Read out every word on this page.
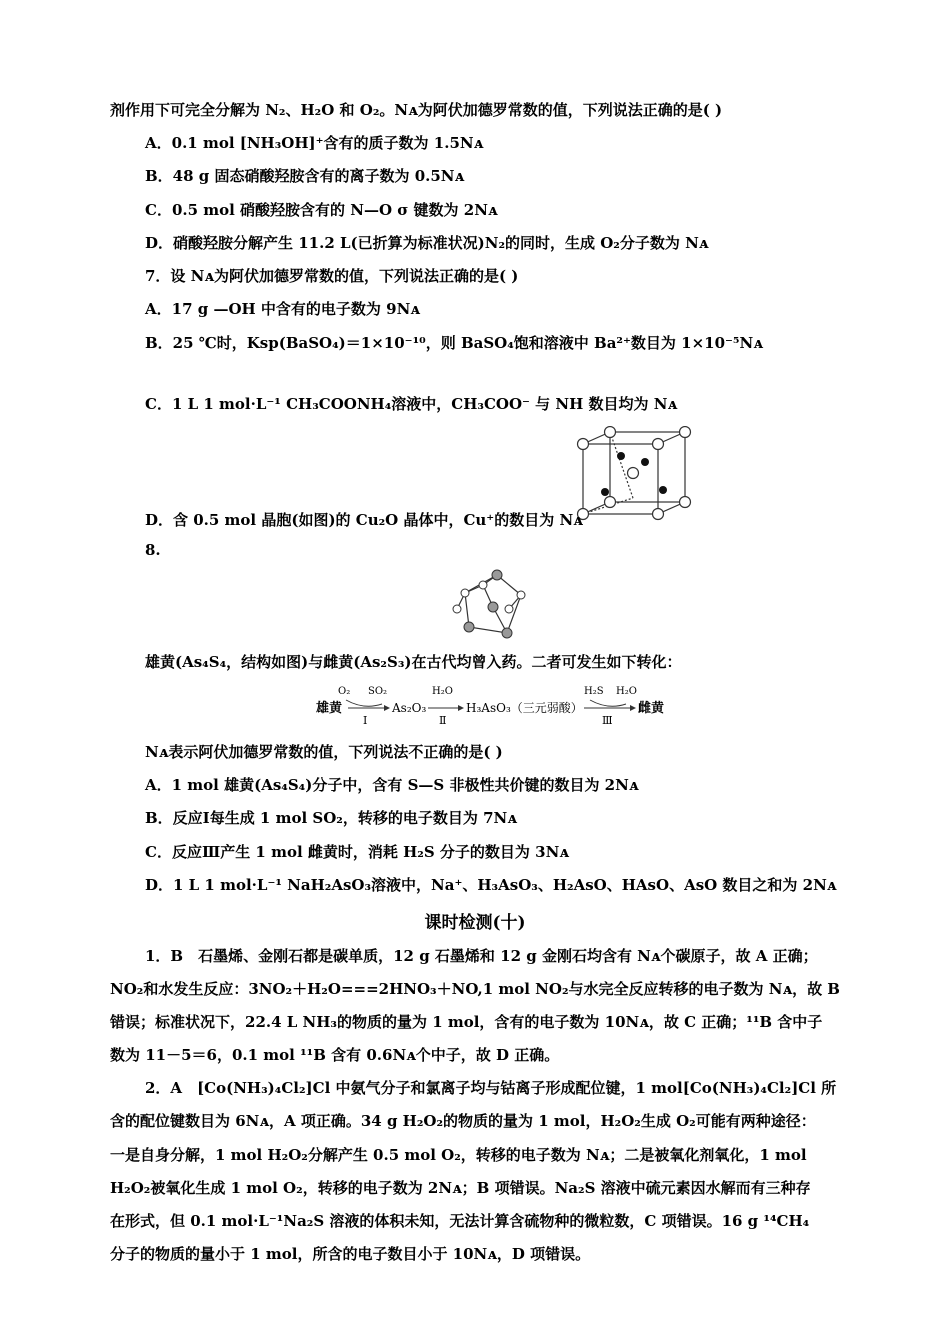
剂作用下可完全分解为 N₂、H₂O 和 O₂。Nᴀ为阿伏加德罗常数的值，下列说法正确的是( )
A．0.1 mol [NH₃OH]⁺含有的质子数为 1.5Nᴀ
B．48 g 固态硝酸羟胺含有的离子数为 0.5Nᴀ
C．0.5 mol 硝酸羟胺含有的 N—O σ 键数为 2Nᴀ
D．硝酸羟胺分解产生 11.2 L(已折算为标准状况)N₂的同时，生成 O₂分子数为 Nᴀ
7．设 Nᴀ为阿伏加德罗常数的值，下列说法正确的是( )
A．17 g —OH 中含有的电子数为 9Nᴀ
B．25 ℃时，Ksp(BaSO₄)＝1×10⁻¹⁰，则 BaSO₄饱和溶液中 Ba²⁺数目为 1×10⁻⁵Nᴀ
C．1 L 1 mol·L⁻¹ CH₃COONH₄溶液中，CH₃COO⁻ 与 NH 数目均为 Nᴀ
D．含 0.5 mol 晶胞(如图)的 Cu₂O 晶体中，Cu⁺的数目为 Nᴀ
8.
雄黄(As₄S₄，结构如图)与雌黄(As₂S₃)在古代均曾入药。二者可发生如下转化：
雄黄
O₂ SO₂
Ⅰ
As₂O₃
H₂O
Ⅱ
H₃AsO₃（三元弱酸）
H₂S H₂O
Ⅲ
雌黄
Nᴀ表示阿伏加德罗常数的值，下列说法不正确的是( )
A．1 mol 雄黄(As₄S₄)分子中，含有 S—S 非极性共价键的数目为 2Nᴀ
B．反应Ⅰ每生成 1 mol SO₂，转移的电子数目为 7Nᴀ
C．反应Ⅲ产生 1 mol 雌黄时，消耗 H₂S 分子的数目为 3Nᴀ
D．1 L 1 mol·L⁻¹ NaH₂AsO₃溶液中，Na⁺、H₃AsO₃、H₂AsO、HAsO、AsO 数目之和为 2Nᴀ
课时检测(十)
1．B　石墨烯、金刚石都是碳单质，12 g 石墨烯和 12 g 金刚石均含有 Nᴀ个碳原子，故 A 正确；
NO₂和水发生反应：3NO₂＋H₂O===2HNO₃＋NO,1 mol NO₂与水完全反应转移的电子数为 Nᴀ，故 B
错误；标准状况下，22.4 L NH₃的物质的量为 1 mol，含有的电子数为 10Nᴀ，故 C 正确；¹¹B 含中子
数为 11－5＝6，0.1 mol ¹¹B 含有 0.6Nᴀ个中子，故 D 正确。
2．A　[Co(NH₃)₄Cl₂]Cl 中氨气分子和氯离子均与钴离子形成配位键，1 mol[Co(NH₃)₄Cl₂]Cl 所
含的配位键数目为 6Nᴀ，A 项正确。34 g H₂O₂的物质的量为 1 mol，H₂O₂生成 O₂可能有两种途径：
一是自身分解，1 mol H₂O₂分解产生 0.5 mol O₂，转移的电子数为 Nᴀ；二是被氧化剂氧化，1 mol
H₂O₂被氧化生成 1 mol O₂，转移的电子数为 2Nᴀ；B 项错误。Na₂S 溶液中硫元素因水解而有三种存
在形式，但 0.1 mol·L⁻¹Na₂S 溶液的体积未知，无法计算含硫物种的微粒数，C 项错误。16 g ¹⁴CH₄
分子的物质的量小于 1 mol，所含的电子数目小于 10Nᴀ，D 项错误。
